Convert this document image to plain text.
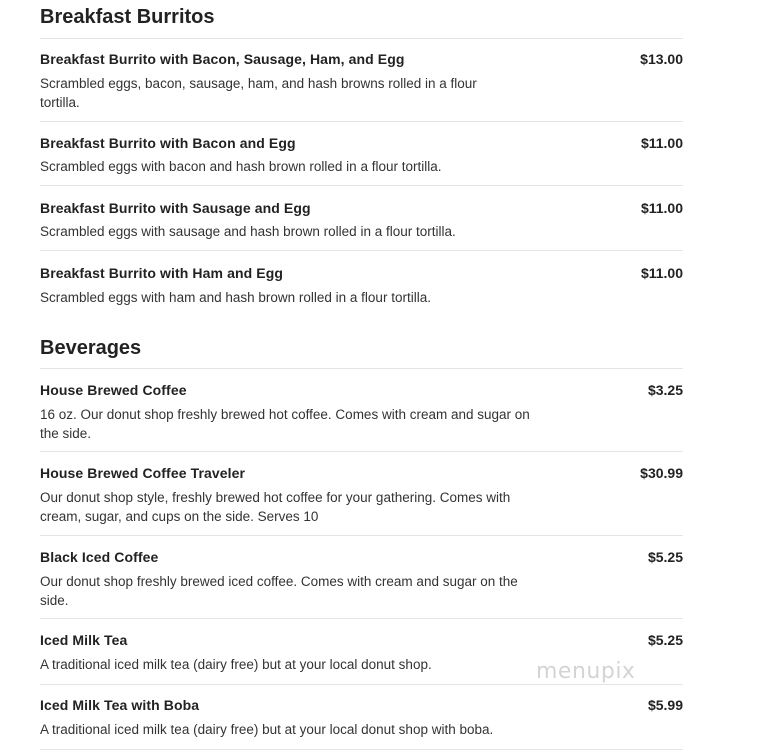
Breakfast Burritos
Breakfast Burrito with Bacon, Sausage, Ham, and Egg	$13.00
Scrambled eggs, bacon, sausage, ham, and hash browns rolled in a flour tortilla.
Breakfast Burrito with Bacon and Egg	$11.00
Scrambled eggs with bacon and hash brown rolled in a flour tortilla.
Breakfast Burrito with Sausage and Egg	$11.00
Scrambled eggs with sausage and hash brown rolled in a flour tortilla.
Breakfast Burrito with Ham and Egg	$11.00
Scrambled eggs with ham and hash brown rolled in a flour tortilla.
Beverages
House Brewed Coffee	$3.25
16 oz. Our donut shop freshly brewed hot coffee. Comes with cream and sugar on the side.
House Brewed Coffee Traveler	$30.99
Our donut shop style, freshly brewed hot coffee for your gathering. Comes with cream, sugar, and cups on the side. Serves 10
Black Iced Coffee	$5.25
Our donut shop freshly brewed iced coffee. Comes with cream and sugar on the side.
Iced Milk Tea	$5.25
A traditional iced milk tea (dairy free) but at your local donut shop.
Iced Milk Tea with Boba	$5.99
A traditional iced milk tea (dairy free) but at your local donut shop with boba.
menupix
